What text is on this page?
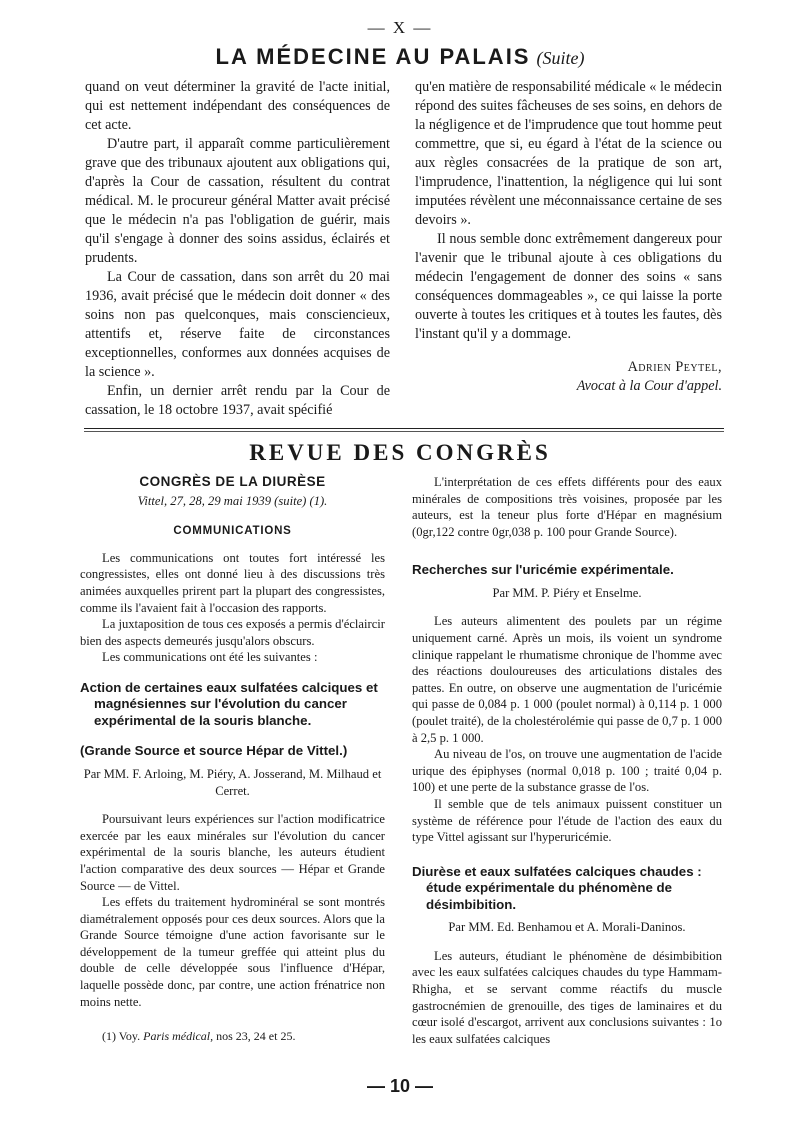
— X —
LA MÉDECINE AU PALAIS (Suite)

quand on veut déterminer la gravité de l'acte initial, qui est nettement indépendant des conséquences de cet acte.

D'autre part, il apparaît comme particulièrement grave que des tribunaux ajoutent aux obligations qui, d'après la Cour de cassation, résultent du contrat médical. M. le procureur général Matter avait précisé que le médecin n'a pas l'obligation de guérir, mais qu'il s'engage à donner des soins assidus, éclairés et prudents.

La Cour de cassation, dans son arrêt du 20 mai 1936, avait précisé que le médecin doit donner « des soins non pas quelconques, mais consciencieux, attentifs et, réserve faite de circonstances exceptionnelles, conformes aux données acquises de la science ».

Enfin, un dernier arrêt rendu par la Cour de cassation, le 18 octobre 1937, avait spécifié

qu'en matière de responsabilité médicale « le médecin répond des suites fâcheuses de ses soins, en dehors de la négligence et de l'imprudence que tout homme peut commettre, que si, eu égard à l'état de la science ou aux règles consacrées de la pratique de son art, l'imprudence, l'inattention, la négligence qui lui sont imputées révèlent une méconnaissance certaine de ses devoirs ».

Il nous semble donc extrêmement dangereux pour l'avenir que le tribunal ajoute à ces obligations du médecin l'engagement de donner des soins « sans conséquences dommageables », ce qui laisse la porte ouverte à toutes les critiques et à toutes les fautes, dès l'instant qu'il y a dommage.

Adrien Peytel,
Avocat à la Cour d'appel.
REVUE DES CONGRÈS

CONGRÈS DE LA DIURÈSE

Vittel, 27, 28, 29 mai 1939 (suite) (1).

COMMUNICATIONS

Les communications ont toutes fort intéressé les congressistes, elles ont donné lieu à des discussions très animées auxquelles prirent part la plupart des congressistes, comme ils l'avaient fait à l'occasion des rapports.

La juxtaposition de tous ces exposés a permis d'éclaircir bien des aspects demeurés jusqu'alors obscurs.

Les communications ont été les suivantes :

Action de certaines eaux sulfatées calciques et magnésiennes sur l'évolution du cancer expérimental de la souris blanche.

(Grande Source et source Hépar de Vittel.)

Par MM. F. Arloing, M. Piéry, A. Josserand, M. Milhaud et Cerret.

Poursuivant leurs expériences sur l'action modificatrice exercée par les eaux minérales sur l'évolution du cancer expérimental de la souris blanche, les auteurs étudient l'action comparative des deux sources — Hépar et Grande Source — de Vittel.

Les effets du traitement hydrominéral se sont montrés diamétralement opposés pour ces deux sources. Alors que la Grande Source témoigne d'une action favorisante sur le développement de la tumeur greffée qui atteint plus du double de celle développée sous l'influence d'Hépar, laquelle possède donc, par contre, une action frénatrice non moins nette.

(1) Voy. Paris médical, nos 23, 24 et 25.

L'interprétation de ces effets différents pour des eaux minérales de compositions très voisines, proposée par les auteurs, est la teneur plus forte d'Hépar en magnésium (0gr,122 contre 0gr,038 p. 100 pour Grande Source).

Recherches sur l'uricémie expérimentale.

Par MM. P. Piéry et Enselme.

Les auteurs alimentent des poulets par un régime uniquement carné. Après un mois, ils voient un syndrome clinique rappelant le rhumatisme chronique de l'homme avec des réactions douloureuses des articulations distales des pattes. En outre, on observe une augmentation de l'uricémie qui passe de 0,084 p. 1 000 (poulet normal) à 0,114 p. 1 000 (poulet traité), de la cholestérolémie qui passe de 0,7 p. 1 000 à 2,5 p. 1 000.

Au niveau de l'os, on trouve une augmentation de l'acide urique des épiphyses (normal 0,018 p. 100 ; traité 0,04 p. 100) et une perte de la substance grasse de l'os.

Il semble que de tels animaux puissent constituer un système de référence pour l'étude de l'action des eaux du type Vittel agissant sur l'hyperuricémie.

Diurèse et eaux sulfatées calciques chaudes : étude expérimentale du phénomène de désimbibition.

Par MM. Ed. Benhamou et A. Morali-Daninos.

Les auteurs, étudiant le phénomène de désimbibition avec les eaux sulfatées calciques chaudes du type Hammam-Rhigha, et se servant comme réactifs du muscle gastrocnémien de grenouille, des tiges de laminaires et du cœur isolé d'escargot, arrivent aux conclusions suivantes : 1o les eaux sulfatées calciques

— 10 —
